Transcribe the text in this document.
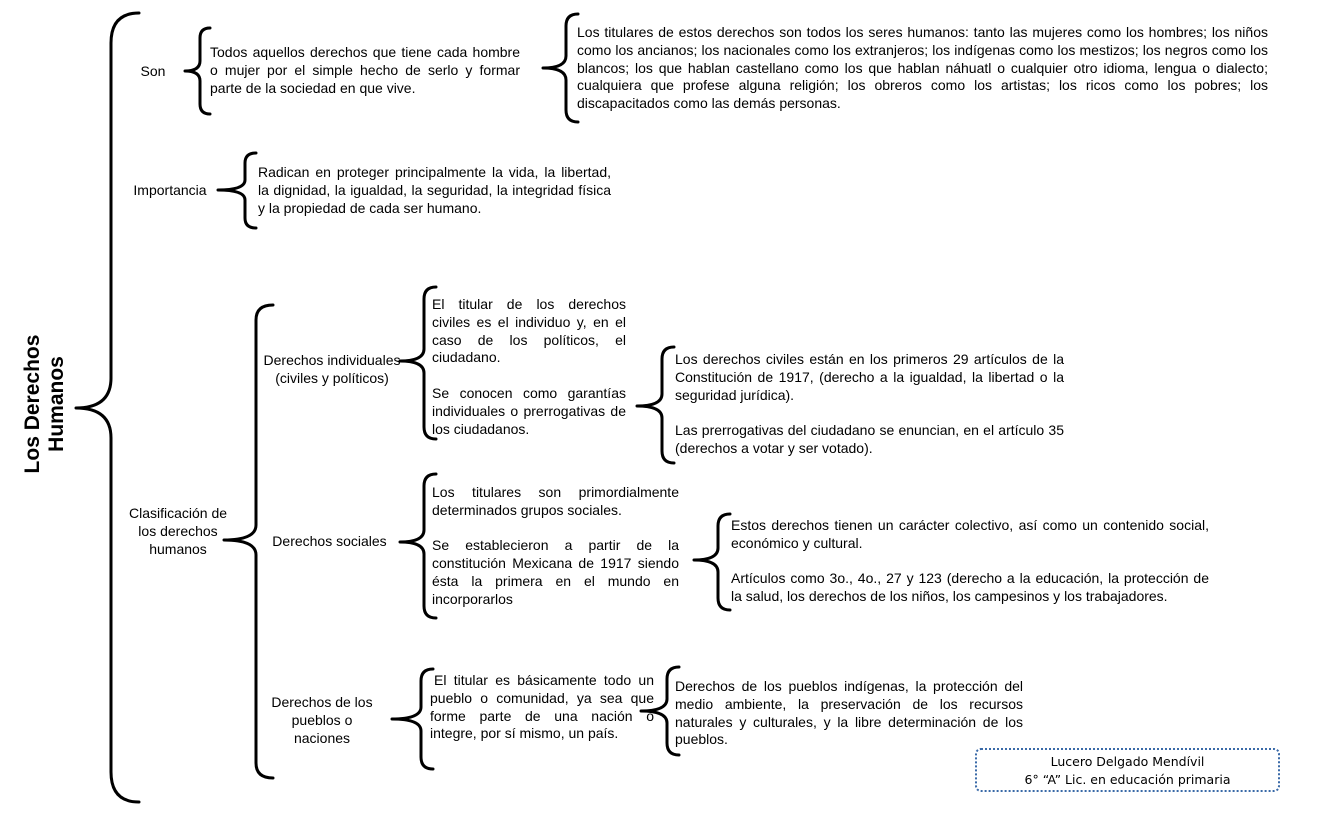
Los Derechos Humanos
Son
Todos aquellos derechos que tiene cada hombre o mujer por el simple hecho de serlo y formar parte de la sociedad en que vive.
Los titulares de estos derechos son todos los seres humanos: tanto las mujeres como los hombres; los niños como los ancianos; los nacionales como los extranjeros; los indígenas como los mestizos; los negros como los blancos; los que hablan castellano como los que hablan náhuatl o cualquier otro idioma, lengua o dialecto; cualquiera que profese alguna religión; los obreros como los artistas; los ricos como los pobres; los discapacitados como las demás personas.
Importancia
Radican en proteger principalmente la vida, la libertad, la dignidad, la igualdad, la seguridad, la integridad física y la propiedad de cada ser humano.
Clasificación de los derechos humanos
Derechos individuales (civiles y políticos)

El titular de los derechos civiles es el individuo y, en el caso de los políticos, el ciudadano.

Se conocen como garantías individuales o prerrogativas de los ciudadanos.

Los derechos civiles están en los primeros 29 artículos de la Constitución de 1917, (derecho a la igualdad, la libertad o la seguridad jurídica).

Las prerrogativas del ciudadano se enuncian, en el artículo 35 (derechos a votar y ser votado).

Derechos sociales

Los titulares son primordialmente determinados grupos sociales.

Se establecieron a partir de la constitución Mexicana de 1917 siendo ésta la primera en el mundo en incorporarlos

Estos derechos tienen un carácter colectivo, así como un contenido social, económico y cultural.

Artículos como 3o., 4o., 27 y 123 (derecho a la educación, la protección de la salud, los derechos de los niños, los campesinos y los trabajadores.

Derechos de los pueblos o naciones
El titular es básicamente todo un pueblo o comunidad, ya sea que forme parte de una nación o integre, por sí mismo, un país.
Derechos de los pueblos indígenas, la protección del medio ambiente, la preservación de los recursos naturales y culturales, y la libre determinación de los pueblos.
Lucero Delgado Mendívil
6° “A” Lic. en educación primaria
